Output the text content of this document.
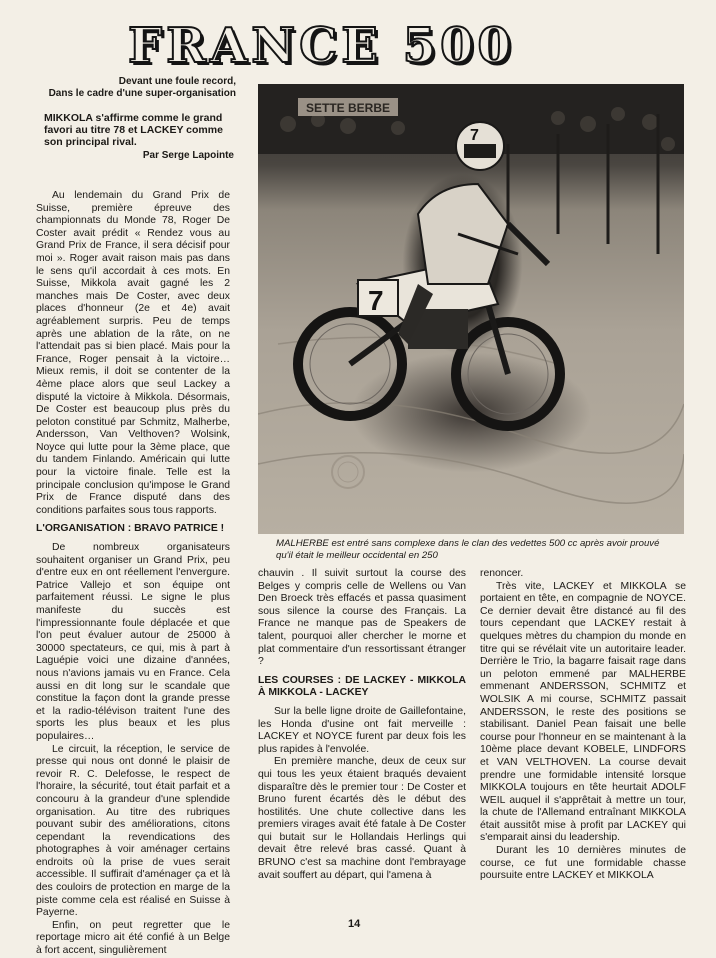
FRANCE 500
Devant une foule record,
Dans le cadre d'une super-organisation
MIKKOLA s'affirme comme le grand favori au titre 78 et LACKEY comme son principal rival.
Par Serge Lapointe

Au lendemain du Grand Prix de Suisse, première épreuve des championnats du Monde 78, Roger De Coster avait prédit « Rendez vous au Grand Prix de France, il sera décisif pour moi ». Roger avait raison mais pas dans le sens qu'il accordait à ces mots. En Suisse, Mikkola avait gagné les 2 manches mais De Coster, avec deux places d'honneur (2e et 4e) avait agréablement surpris. Peu de temps après une ablation de la râte, on ne l'attendait pas si bien placé. Mais pour la France, Roger pensait à la victoire… Mieux remis, il doit se contenter de la 4ème place alors que seul Lackey a disputé la victoire à Mikkola. Désormais, De Coster est beaucoup plus près du peloton constitué par Schmitz, Malherbe, Andersson, Van Velthoven? Wolsink, Noyce qui lutte pour la 3ème place, que du tandem Finlando. Américain qui lutte pour la victoire finale. Telle est la principale conclusion qu'impose le Grand Prix de France disputé dans des conditions parfaites sous tous rapports.

L'ORGANISATION : BRAVO PATRICE !

De nombreux organisateurs souhaitent organiser un Grand Prix, peu d'entre eux en ont réellement l'envergure. Patrice Vallejo et son équipe ont parfaitement réussi. Le signe le plus manifeste du succès est l'impressionnante foule déplacée et que l'on peut évaluer autour de 25000 à 30000 spectateurs, ce qui, mis à part à Laguépie voici une dizaine d'années, nous n'avions jamais vu en France. Cela aussi en dit long sur le scandale que constitue la façon dont la grande presse et la radio-télévison traitent l'une des sports les plus beaux et les plus populaires…

Le circuit, la réception, le service de presse qui nous ont donné le plaisir de revoir R. C. Delefosse, le respect de l'horaire, la sécurité, tout était parfait et a concouru à la grandeur d'une splendide organisation. Au titre des rubriques pouvant subir des améliorations, citons cependant la revendications des photographes à voir aménager certains endroits où la prise de vues serait accessible. Il suffirait d'aménager ça et là des couloirs de protection en marge de la piste comme cela est réalisé en Suisse à Payerne.

Enfin, on peut regretter que le reportage micro ait été confié à un Belge à fort accent, singulièrement

SETTE BERBE
7
7
MALHERBE est entré sans complexe dans le clan des vedettes 500 cc après avoir prouvé qu'il était le meilleur occidental en 250

chauvin . Il suivit surtout la course des Belges y compris celle de Wellens ou Van Den Broeck très effacés et passa quasiment sous silence la course des Français. La France ne manque pas de Speakers de talent, pourquoi aller chercher le morne et plat commentaire d'un ressortissant étranger ?

LES COURSES : DE LACKEY - MIKKOLA À MIKKOLA - LACKEY

Sur la belle ligne droite de Gaillefontaine, les Honda d'usine ont fait merveille : LACKEY et NOYCE furent par deux fois les plus rapides à l'envolée.

En première manche, deux de ceux sur qui tous les yeux étaient braqués devaient disparaître dès le premier tour : De Coster et Bruno furent écartés dès le début des hostilités. Une chute collective dans les premiers virages avait été fatale à De Coster qui butait sur le Hollandais Herlings qui devait être relevé bras cassé. Quant à BRUNO c'est sa machine dont l'embrayage avait souffert au départ, qui l'amena à

renoncer.

Très vite, LACKEY et MIKKOLA se portaient en tête, en compagnie de NOYCE. Ce dernier devait être distancé au fil des tours cependant que LACKEY restait à quelques mètres du champion du monde en titre qui se révélait vite un autoritaire leader. Derrière le Trio, la bagarre faisait rage dans un peloton emmené par MALHERBE emmenant ANDERSSON, SCHMITZ et WOLSIK A mi course, SCHMITZ passait ANDERSSON, le reste des positions se stabilisant. Daniel Pean faisait une belle course pour l'honneur en se maintenant à la 10ème place devant KOBELE, LINDFORS et VAN VELTHOVEN. La course devait prendre une formidable intensité lorsque MIKKOLA toujours en tête heurtait ADOLF WEIL auquel il s'apprêtait à mettre un tour, la chute de l'Allemand entraînant MIKKOLA était aussitôt mise à profit par LACKEY qui s'emparait ainsi du leadership.

Durant les 10 dernières minutes de course, ce fut une formidable chasse poursuite entre LACKEY et MIKKOLA

14
